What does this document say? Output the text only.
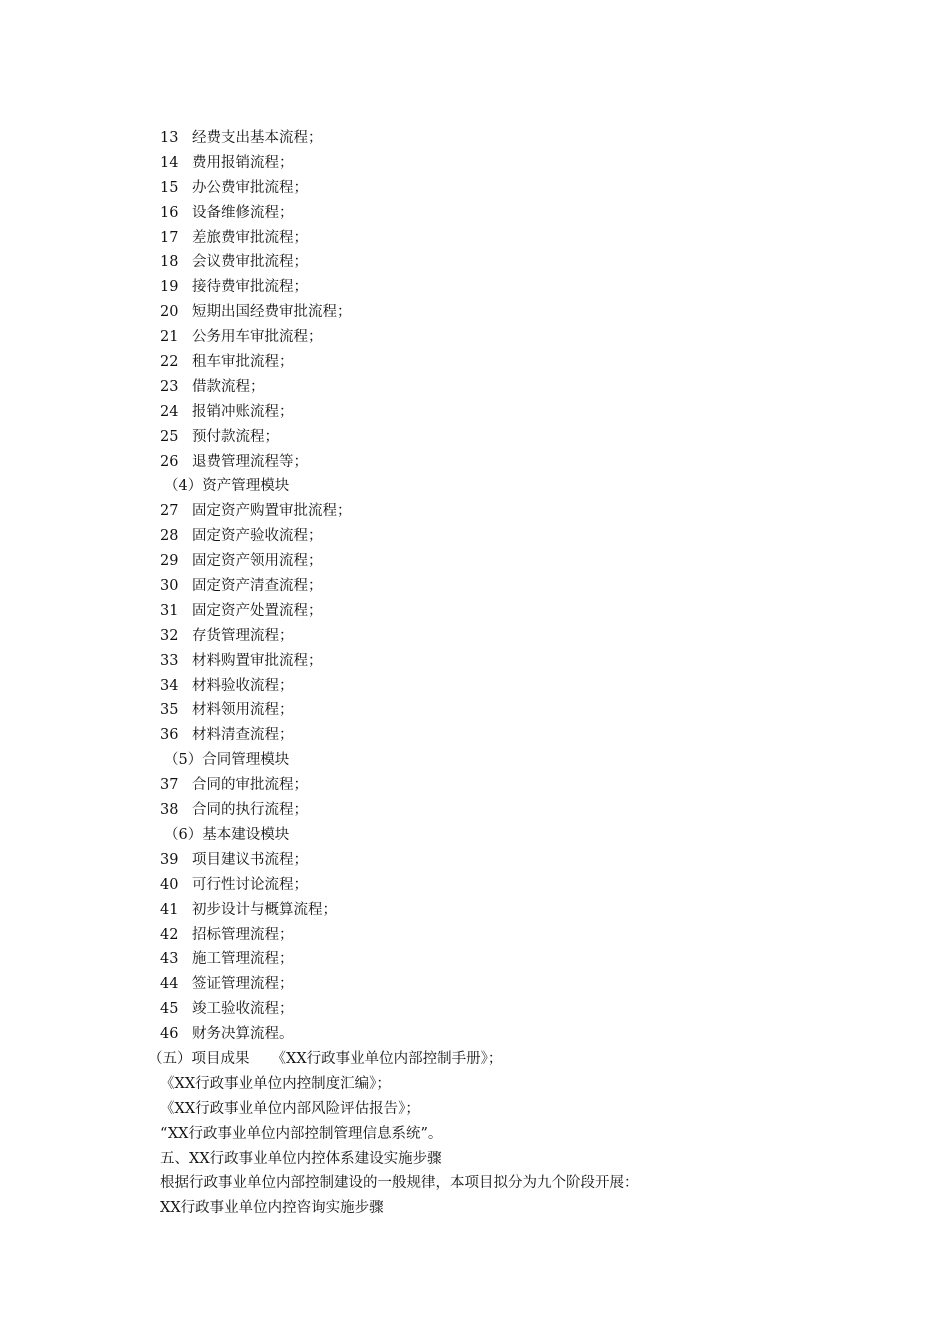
13 经费支出基本流程；
14 费用报销流程；
15 办公费审批流程；
16 设备维修流程；
17 差旅费审批流程；
18 会议费审批流程；
19 接待费审批流程；
20 短期出国经费审批流程；
21 公务用车审批流程；
22 租车审批流程；
23 借款流程；
24 报销冲账流程；
25 预付款流程；
26 退费管理流程等；
（4）资产管理模块
27 固定资产购置审批流程；
28 固定资产验收流程；
29 固定资产领用流程；
30 固定资产清查流程；
31 固定资产处置流程；
32 存货管理流程；
33 材料购置审批流程；
34 材料验收流程；
35 材料领用流程；
36 材料清查流程；
（5）合同管理模块
37 合同的审批流程；
38 合同的执行流程；
（6）基本建设模块
39 项目建议书流程；
40 可行性讨论流程；
41 初步设计与概算流程；
42 招标管理流程；
43 施工管理流程；
44 签证管理流程；
45 竣工验收流程；
46 财务决算流程。
（五）项目成果 《XX行政事业单位内部控制手册》；
《XX行政事业单位内控制度汇编》；
《XX行政事业单位内部风险评估报告》；
“XX行政事业单位内部控制管理信息系统”。
五、XX行政事业单位内控体系建设实施步骤
根据行政事业单位内部控制建设的一般规律，本项目拟分为九个阶段开展：
XX行政事业单位内控咨询实施步骤
